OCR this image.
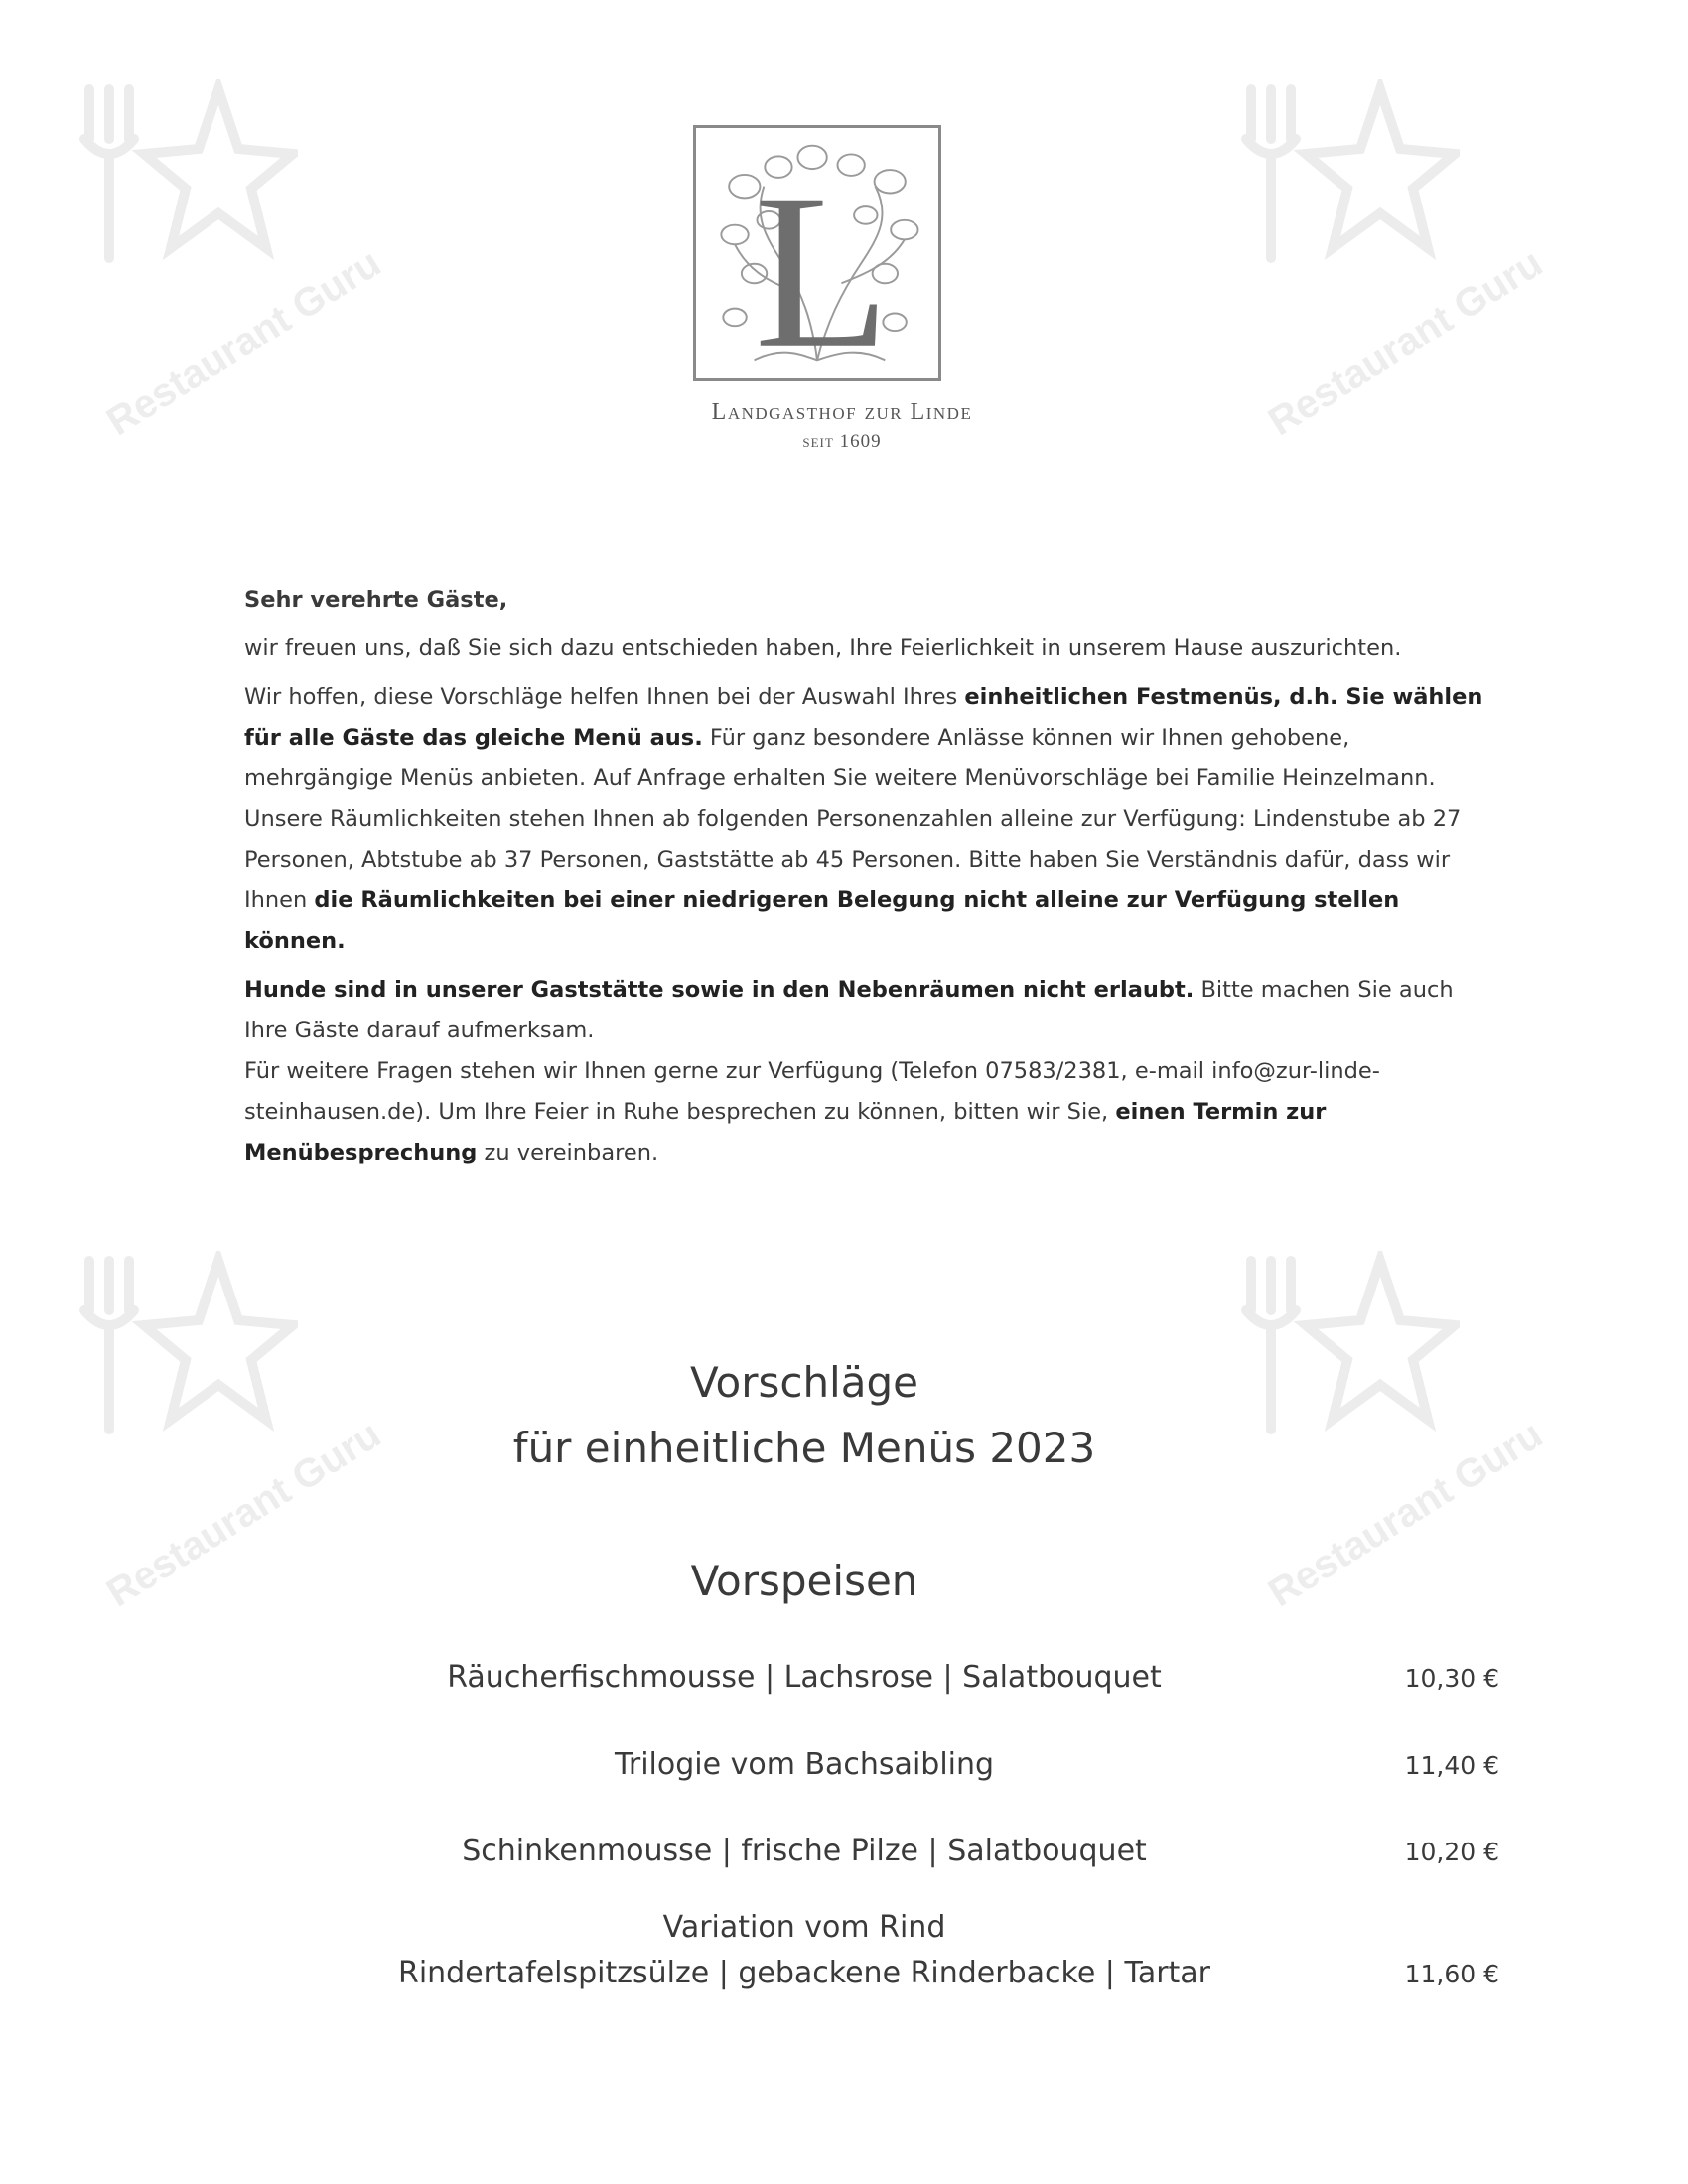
Restaurant Guru	Restaurant Guru
Restaurant Guru	Restaurant Guru
L
Landgasthof zur Linde
seit 1609

Sehr verehrte Gäste,

wir freuen uns, daß Sie sich dazu entschieden haben, Ihre Feierlichkeit in unserem Hause auszurichten.

Wir hoffen, diese Vorschläge helfen Ihnen bei der Auswahl Ihres einheitlichen Festmenüs, d.h. Sie wählen für alle Gäste das gleiche Menü aus. Für ganz besondere Anlässe können wir Ihnen gehobene, mehrgängige Menüs anbieten. Auf Anfrage erhalten Sie weitere Menüvorschläge bei Familie Heinzelmann.

Unsere Räumlichkeiten stehen Ihnen ab folgenden Personenzahlen alleine zur Verfügung: Lindenstube ab 27 Personen, Abtstube ab 37 Personen, Gaststätte ab 45 Personen. Bitte haben Sie Verständnis dafür, dass wir Ihnen die Räumlichkeiten bei einer niedrigeren Belegung nicht alleine zur Verfügung stellen können.

Hunde sind in unserer Gaststätte sowie in den Nebenräumen nicht erlaubt. Bitte machen Sie auch Ihre Gäste darauf aufmerksam.

Für weitere Fragen stehen wir Ihnen gerne zur Verfügung (Telefon 07583/2381, e-mail info@zur-linde-steinhausen.de). Um Ihre Feier in Ruhe besprechen zu können, bitten wir Sie, einen Termin zur Menübesprechung zu vereinbaren.

Vorschläge
für einheitliche Menüs 2023
Vorspeisen
Räucherfischmousse | Lachsrose | Salatbouquet	10,30 €
Trilogie vom Bachsaibling	11,40 €
Schinkenmousse | frische Pilze | Salatbouquet	10,20 €
Variation vom Rind
Rindertafelspitzsülze | gebackene Rinderbacke | Tartar	11,60 €
